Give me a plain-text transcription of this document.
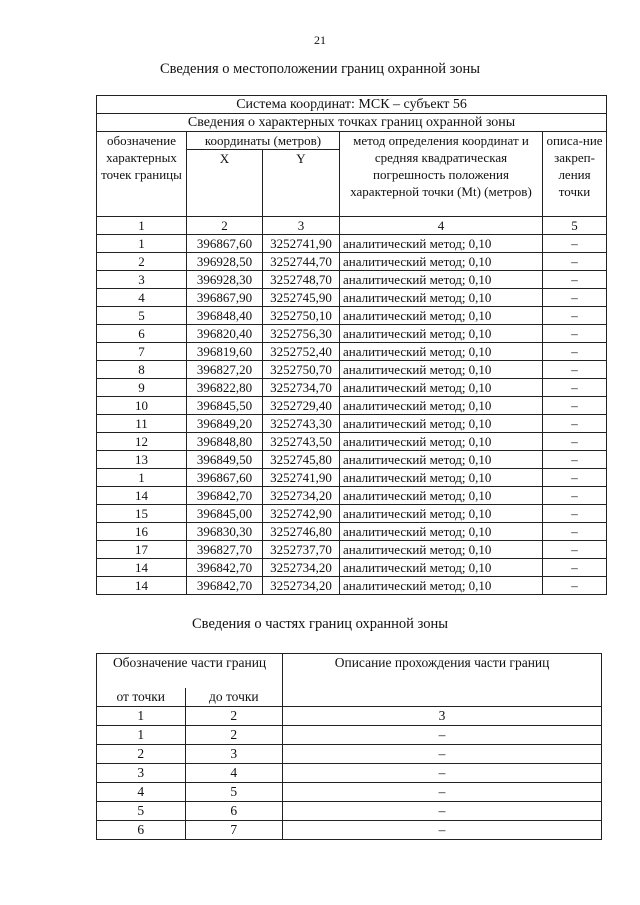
21
Сведения о местоположении границ охранной зоны
Система координат: МСК – субъект 56				
Сведения о характерных точках границ охранной зоны				
обозначение характерных точек границы	координаты (метров)		метод определения координат и средняя квадратическая погрешность положения характерной точки (Mt) (метров)	описа-ние закреп-ления точки
	X	Y		
1	2	3	4	5
1	396867,60	3252741,90	аналитический метод; 0,10	–
2	396928,50	3252744,70	аналитический метод; 0,10	–
3	396928,30	3252748,70	аналитический метод; 0,10	–
4	396867,90	3252745,90	аналитический метод; 0,10	–
5	396848,40	3252750,10	аналитический метод; 0,10	–
6	396820,40	3252756,30	аналитический метод; 0,10	–
7	396819,60	3252752,40	аналитический метод; 0,10	–
8	396827,20	3252750,70	аналитический метод; 0,10	–
9	396822,80	3252734,70	аналитический метод; 0,10	–
10	396845,50	3252729,40	аналитический метод; 0,10	–
11	396849,20	3252743,30	аналитический метод; 0,10	–
12	396848,80	3252743,50	аналитический метод; 0,10	–
13	396849,50	3252745,80	аналитический метод; 0,10	–
1	396867,60	3252741,90	аналитический метод; 0,10	–
14	396842,70	3252734,20	аналитический метод; 0,10	–
15	396845,00	3252742,90	аналитический метод; 0,10	–
16	396830,30	3252746,80	аналитический метод; 0,10	–
17	396827,70	3252737,70	аналитический метод; 0,10	–
14	396842,70	3252734,20	аналитический метод; 0,10	–
14	396842,70	3252734,20	аналитический метод; 0,10	–
Сведения о частях границ охранной зоны
Обозначение части границ		Описание прохождения части границ
от точки	до точки	
1	2	3
1	2	–
2	3	–
3	4	–
4	5	–
5	6	–
6	7	–
